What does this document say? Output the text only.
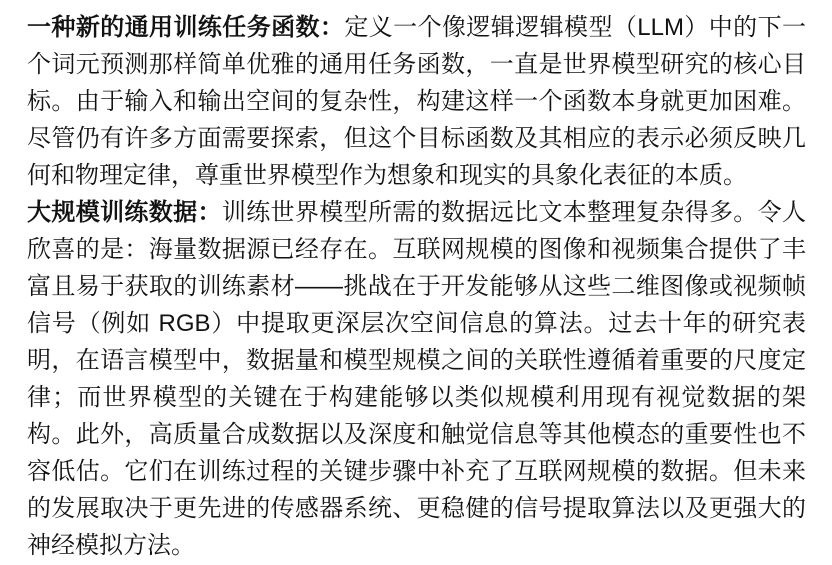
一种新的通用训练任务函数：定义一个像逻辑逻辑模型（LLM）中的下一
个词元预测那样简单优雅的通用任务函数，一直是世界模型研究的核心目
标。由于输入和输出空间的复杂性，构建这样一个函数本身就更加困难。
尽管仍有许多方面需要探索，但这个目标函数及其相应的表示必须反映几
何和物理定律，尊重世界模型作为想象和现实的具象化表征的本质。

大规模训练数据：训练世界模型所需的数据远比文本整理复杂得多。令人
欣喜的是：海量数据源已经存在。互联网规模的图像和视频集合提供了丰
富且易于获取的训练素材——挑战在于开发能够从这些二维图像或视频帧
信号（例如 RGB）中提取更深层次空间信息的算法。过去十年的研究表
明，在语言模型中，数据量和模型规模之间的关联性遵循着重要的尺度定
律；而世界模型的关键在于构建能够以类似规模利用现有视觉数据的架
构。此外，高质量合成数据以及深度和触觉信息等其他模态的重要性也不
容低估。它们在训练过程的关键步骤中补充了互联网规模的数据。但未来
的发展取决于更先进的传感器系统、更稳健的信号提取算法以及更强大的
神经模拟方法。
